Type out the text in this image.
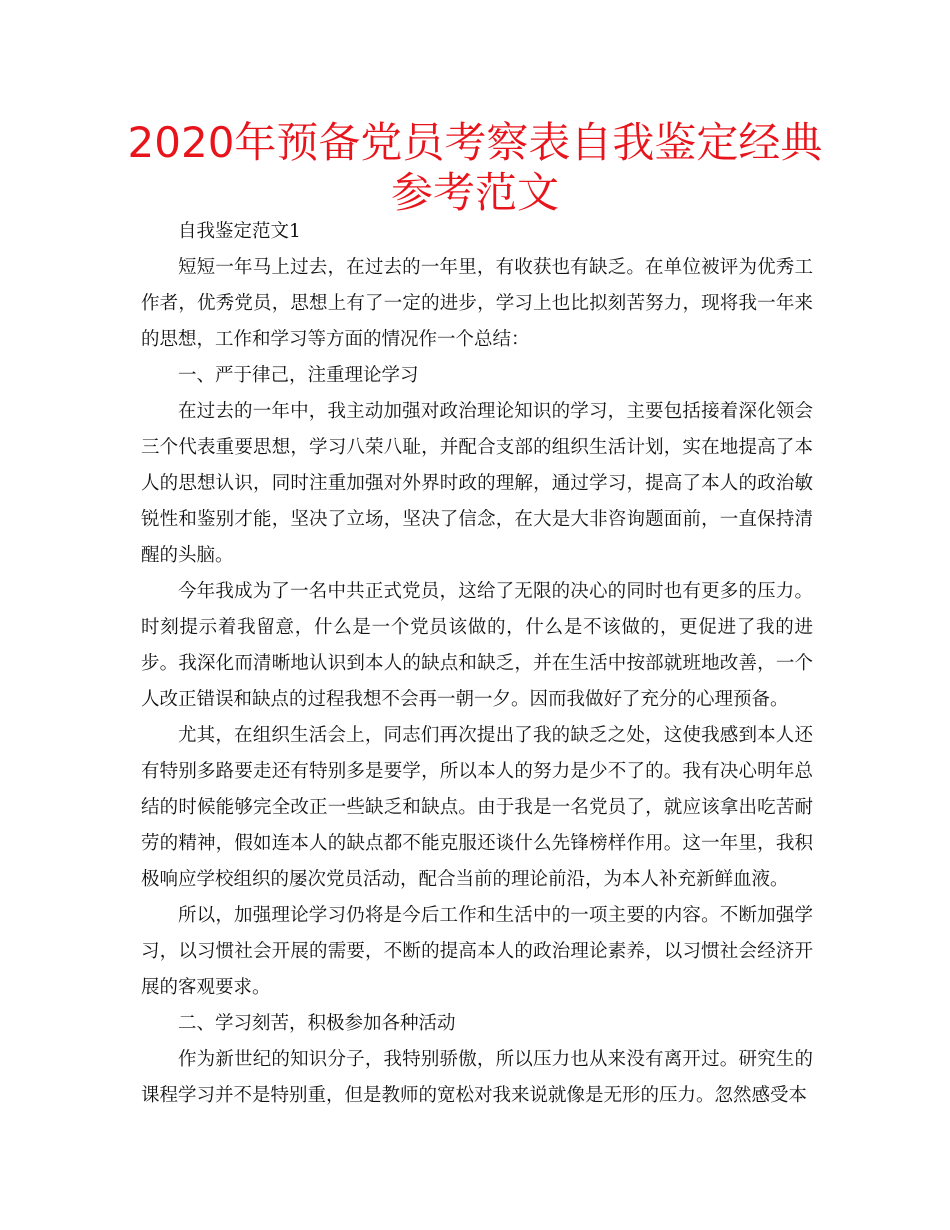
2020年预备党员考察表自我鉴定经典参考范文

自我鉴定范文1

短短一年马上过去，在过去的一年里，有收获也有缺乏。在单位被评为优秀工作者，优秀党员，思想上有了一定的进步，学习上也比拟刻苦努力，现将我一年来的思想，工作和学习等方面的情况作一个总结：

一、严于律己，注重理论学习

在过去的一年中，我主动加强对政治理论知识的学习，主要包括接着深化领会三个代表重要思想，学习八荣八耻，并配合支部的组织生活计划，实在地提高了本人的思想认识，同时注重加强对外界时政的理解，通过学习，提高了本人的政治敏锐性和鉴别才能，坚决了立场，坚决了信念，在大是大非咨询题面前，一直保持清醒的头脑。

今年我成为了一名中共正式党员，这给了无限的决心的同时也有更多的压力。时刻提示着我留意，什么是一个党员该做的，什么是不该做的，更促进了我的进步。我深化而清晰地认识到本人的缺点和缺乏，并在生活中按部就班地改善，一个人改正错误和缺点的过程我想不会再一朝一夕。因而我做好了充分的心理预备。

尤其，在组织生活会上，同志们再次提出了我的缺乏之处，这使我感到本人还有特别多路要走还有特别多是要学，所以本人的努力是少不了的。我有决心明年总结的时候能够完全改正一些缺乏和缺点。由于我是一名党员了，就应该拿出吃苦耐劳的精神，假如连本人的缺点都不能克服还谈什么先锋榜样作用。这一年里，我积极响应学校组织的屡次党员活动，配合当前的理论前沿，为本人补充新鲜血液。

所以，加强理论学习仍将是今后工作和生活中的一项主要的内容。不断加强学习，以习惯社会开展的需要，不断的提高本人的政治理论素养，以习惯社会经济开展的客观要求。

二、学习刻苦，积极参加各种活动

作为新世纪的知识分子，我特别骄傲，所以压力也从来没有离开过。研究生的课程学习并不是特别重，但是教师的宽松对我来说就像是无形的压力。忽然感受本
